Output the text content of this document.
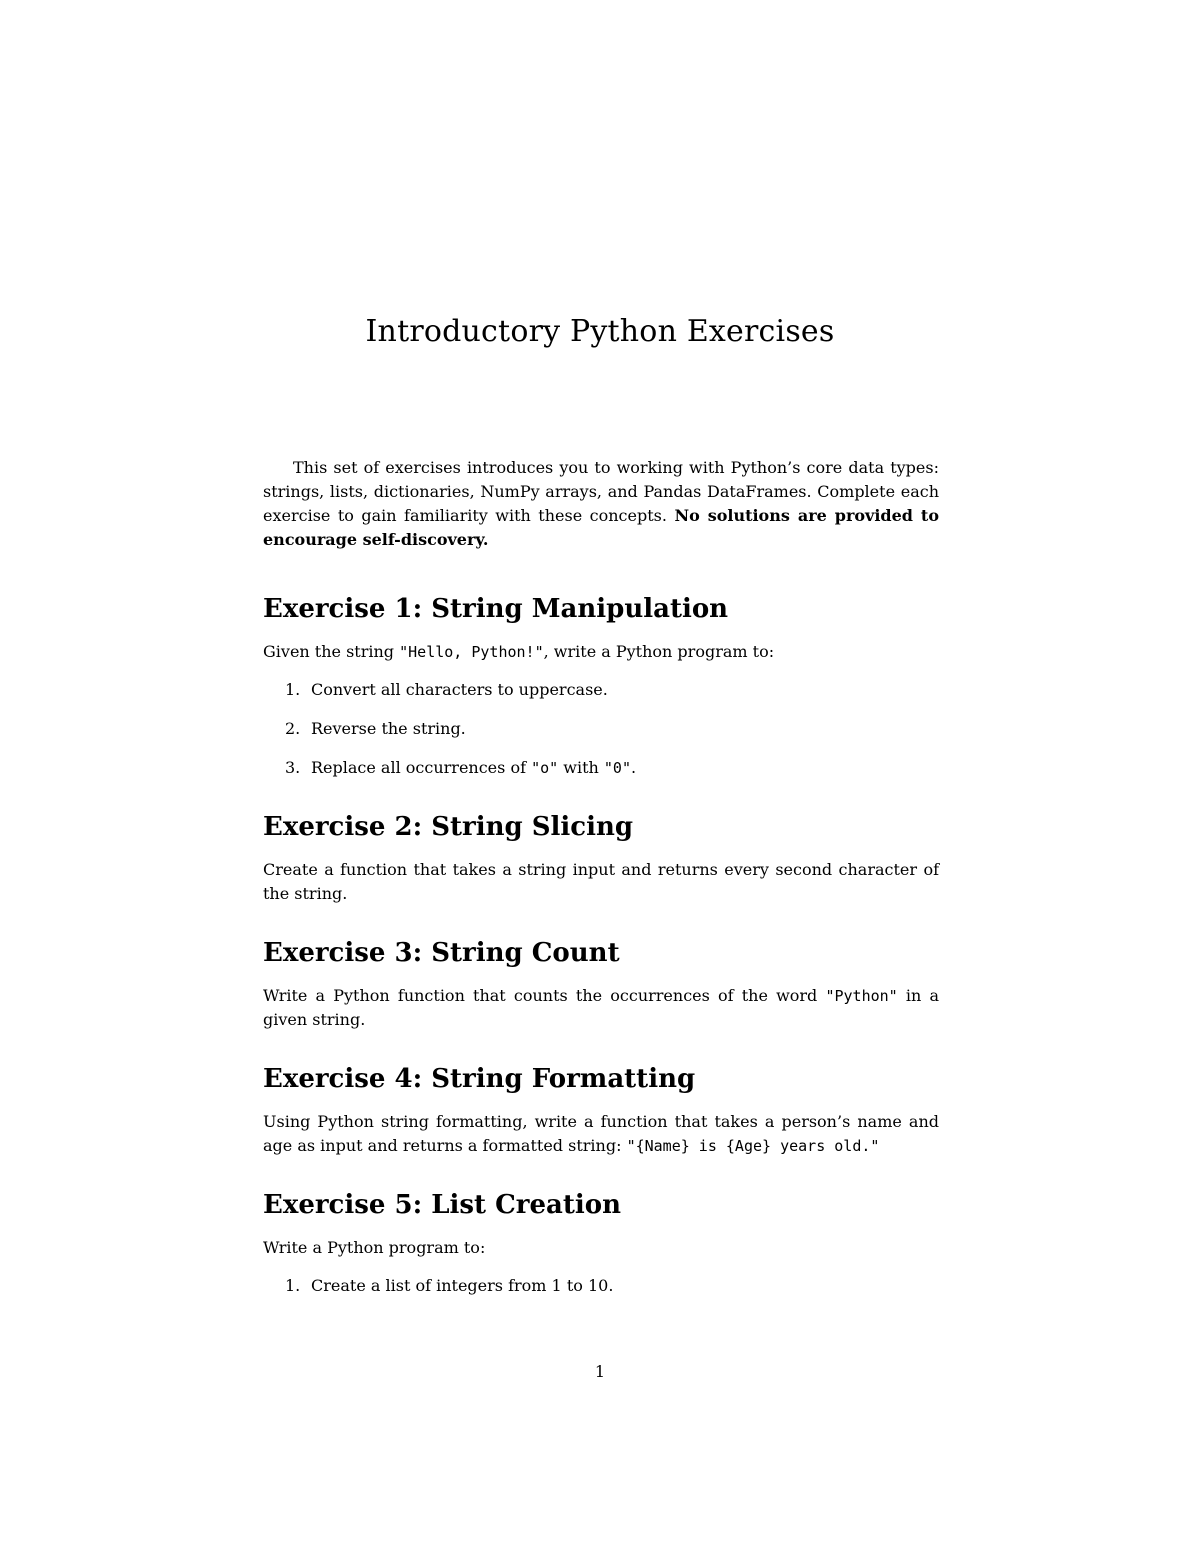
Introductory Python Exercises

This set of exercises introduces you to working with Python’s core data types: strings, lists, dictionaries, NumPy arrays, and Pandas DataFrames. Complete each exercise to gain familiarity with these concepts. No solutions are provided to encourage self-discovery.

Exercise 1: String Manipulation

Given the string "Hello, Python!", write a Python program to:

1. Convert all characters to uppercase.
2. Reverse the string.
3. Replace all occurrences of "o" with "0".
Exercise 2: String Slicing

Create a function that takes a string input and returns every second character of the string.

Exercise 3: String Count

Write a Python function that counts the occurrences of the word "Python" in a given string.

Exercise 4: String Formatting

Using Python string formatting, write a function that takes a person’s name and age as input and returns a formatted string: "{Name} is {Age} years old."

Exercise 5: List Creation

Write a Python program to:

1. Create a list of integers from 1 to 10.
1
